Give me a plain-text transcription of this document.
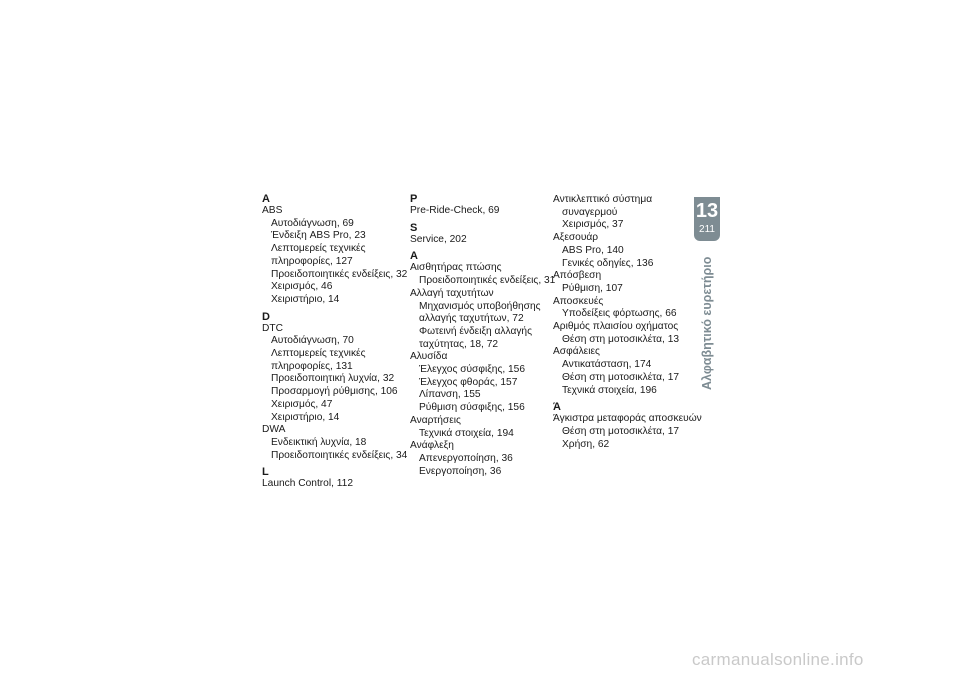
A
ABS
Αυτοδιάγνωση, 69
Ένδειξη ABS Pro, 23
Λεπτομερείς τεχνικές
πληροφορίες, 127
Προειδοποιητικές ενδείξεις, 32
Χειρισμός, 46
Χειριστήριο, 14
D
DTC
Αυτοδιάγνωση, 70
Λεπτομερείς τεχνικές
πληροφορίες, 131
Προειδοποιητική λυχνία, 32
Προσαρμογή ρύθμισης, 106
Χειρισμός, 47
Χειριστήριο, 14
DWA
Ενδεικτική λυχνία, 18
Προειδοποιητικές ενδείξεις, 34
L
Launch Control, 112
P
Pre-Ride-Check, 69
S
Service, 202
Α
Αισθητήρας πτώσης
Προειδοποιητικές ενδείξεις, 31
Αλλαγή ταχυτήτων
Μηχανισμός υποβοήθησης
αλλαγής ταχυτήτων, 72
Φωτεινή ένδειξη αλλαγής
ταχύτητας, 18, 72
Αλυσίδα
Έλεγχος σύσφιξης, 156
Έλεγχος φθοράς, 157
Λίπανση, 155
Ρύθμιση σύσφιξης, 156
Αναρτήσεις
Τεχνικά στοιχεία, 194
Ανάφλεξη
Απενεργοποίηση, 36
Ενεργοποίηση, 36
Αντικλεπτικό σύστημα
συναγερμού
Χειρισμός, 37
Αξεσουάρ
ABS Pro, 140
Γενικές οδηγίες, 136
Απόσβεση
Ρύθμιση, 107
Αποσκευές
Υποδείξεις φόρτωσης, 66
Αριθμός πλαισίου οχήματος
Θέση στη μοτοσικλέτα, 13
Ασφάλειες
Αντικατάσταση, 174
Θέση στη μοτοσικλέτα, 17
Τεχνικά στοιχεία, 196
Ά
Άγκιστρα μεταφοράς αποσκευών
Θέση στη μοτοσικλέτα, 17
Χρήση, 62
13
211
Αλφαβητικό ευρετήριο
carmanualsonline.info
